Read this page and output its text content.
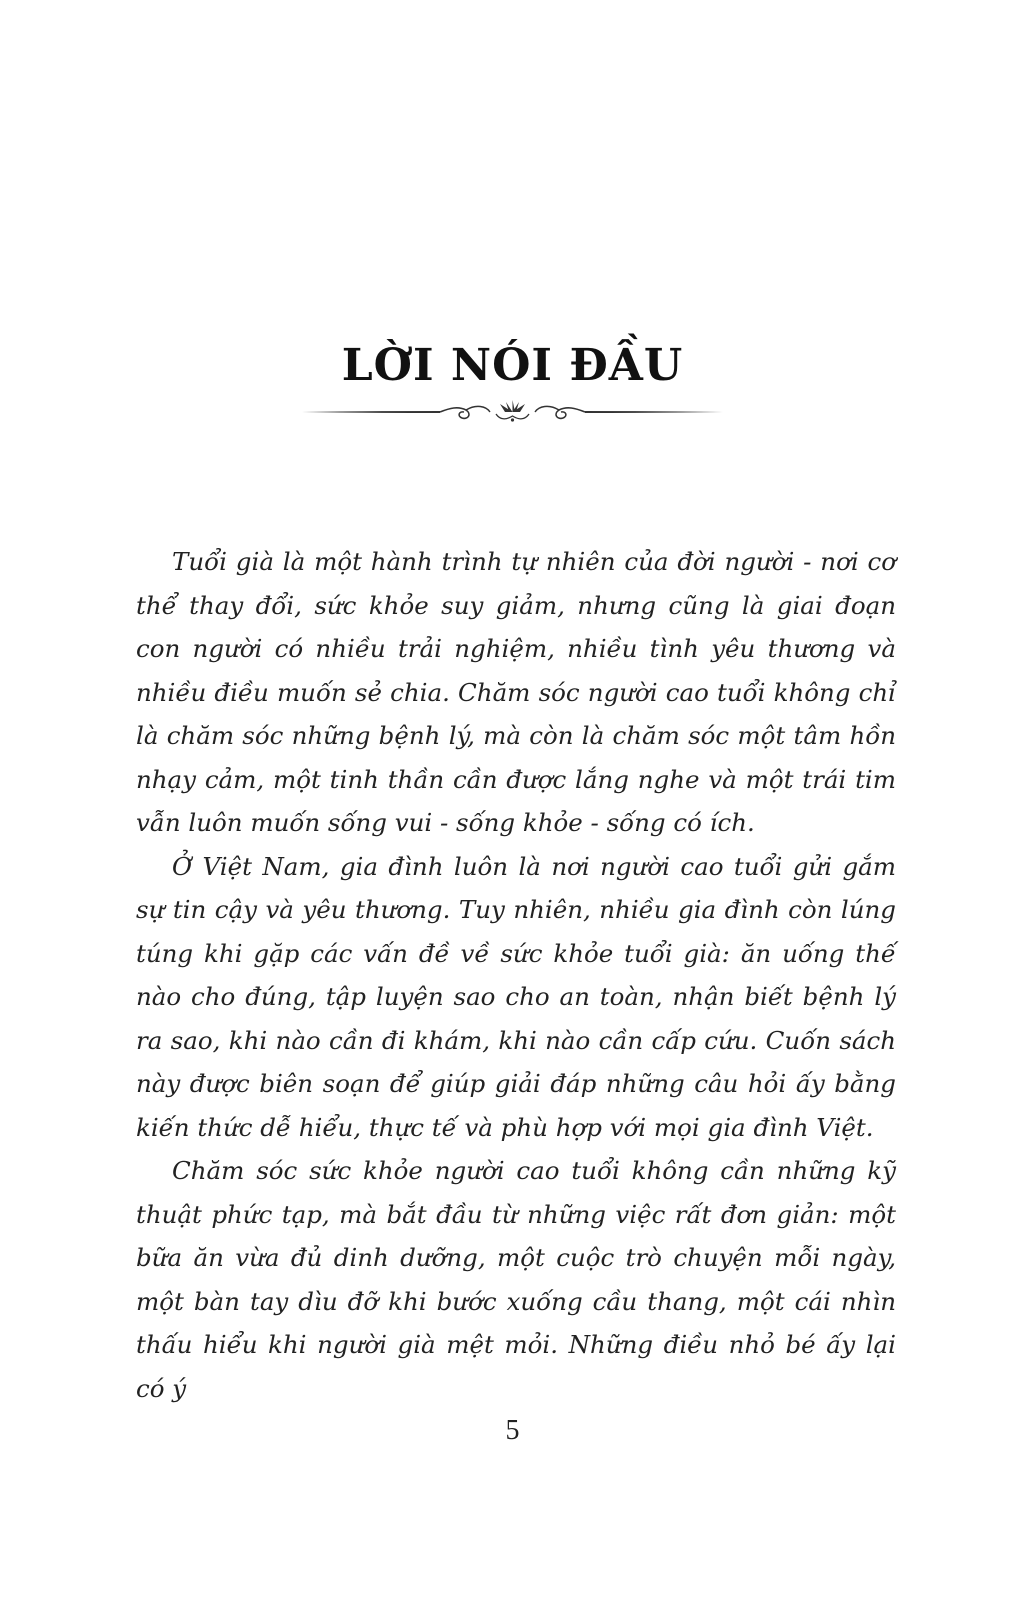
LỜI NÓI ĐẦU

Tuổi già là một hành trình tự nhiên của đời người - nơi cơ thể thay đổi, sức khỏe suy giảm, nhưng cũng là giai đoạn con người có nhiều trải nghiệm, nhiều tình yêu thương và nhiều điều muốn sẻ chia. Chăm sóc người cao tuổi không chỉ là chăm sóc những bệnh lý, mà còn là chăm sóc một tâm hồn nhạy cảm, một tinh thần cần được lắng nghe và một trái tim vẫn luôn muốn sống vui - sống khỏe - sống có ích.

Ở Việt Nam, gia đình luôn là nơi người cao tuổi gửi gắm sự tin cậy và yêu thương. Tuy nhiên, nhiều gia đình còn lúng túng khi gặp các vấn đề về sức khỏe tuổi già: ăn uống thế nào cho đúng, tập luyện sao cho an toàn, nhận biết bệnh lý ra sao, khi nào cần đi khám, khi nào cần cấp cứu. Cuốn sách này được biên soạn để giúp giải đáp những câu hỏi ấy bằng kiến thức dễ hiểu, thực tế và phù hợp với mọi gia đình Việt.

Chăm sóc sức khỏe người cao tuổi không cần những kỹ thuật phức tạp, mà bắt đầu từ những việc rất đơn giản: một bữa ăn vừa đủ dinh dưỡng, một cuộc trò chuyện mỗi ngày, một bàn tay dìu đỡ khi bước xuống cầu thang, một cái nhìn thấu hiểu khi người già mệt mỏi. Những điều nhỏ bé ấy lại có ý

5
